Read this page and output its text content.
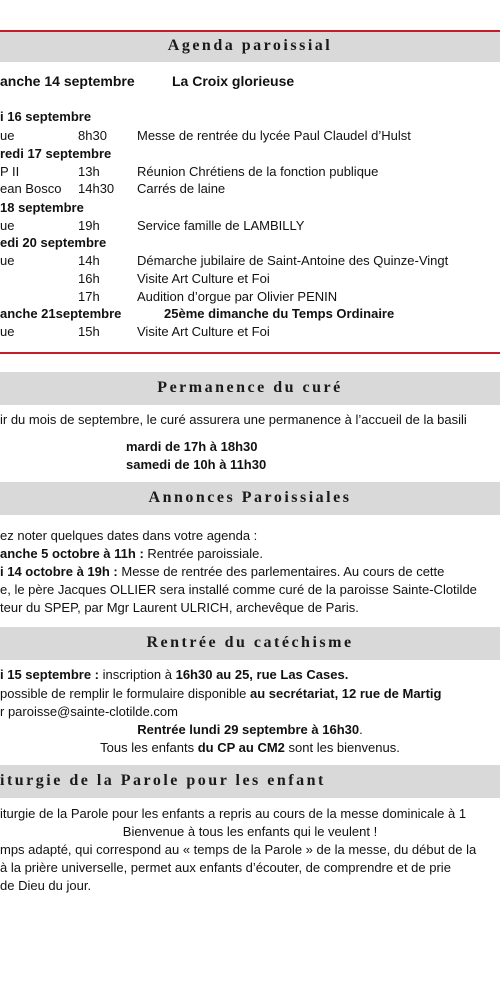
Agenda paroissial
anche 14 septembre	La Croix glorieuse
i 16 septembre
ue	8h30 Messe de rentrée du lycée Paul Claudel d’Hulst
redi 17 septembre
P II	13h	Réunion Chrétiens de la fonction publique
ean Bosco 14h30 Carrés de laine
18 septembre
ue	19h	Service famille de LAMBILLY
edi 20 septembre
ue	14h	Démarche jubilaire de Saint-Antoine des Quinze-Vingt
16h	Visite Art Culture et Foi
17h	Audition d’orgue par Olivier PENIN
anche 21septembre	25ème dimanche du Temps Ordinaire
ue	15h	Visite Art Culture et Foi
Permanence du curé
ir du mois de septembre, le curé assurera une permanence à l’accueil de la basili
mardi de 17h à 18h30
samedi de 10h à 11h30
Annonces Paroissiales
ez noter quelques dates dans votre agenda :
anche 5 octobre à 11h : Rentrée paroissiale.
i 14 octobre à 19h : Messe de rentrée des parlementaires. Au cours de cette
e, le père Jacques OLLIER sera installé comme curé de la paroisse Sainte-Clotilde
teur du SPEP, par Mgr Laurent ULRICH, archevêque de Paris.
Rentrée du catéchisme
i 15 septembre : inscription à 16h30 au 25, rue Las Cases.
possible de remplir le formulaire disponible au secrétariat, 12 rue de Martig
r paroisse@sainte-clotilde.com
Rentrée lundi 29 septembre à 16h30.
Tous les enfants du CP au CM2 sont les bienvenus.
iturgie de la Parole pour les enfant
iturgie de la Parole pour les enfants a repris au cours de la messe dominicale à 1
Bienvenue à tous les enfants qui le veulent !
mps adapté, qui correspond au « temps de la Parole » de la messe, du début de la
à la prière universelle, permet aux enfants d’écouter, de comprendre et de prie
de Dieu du jour.
